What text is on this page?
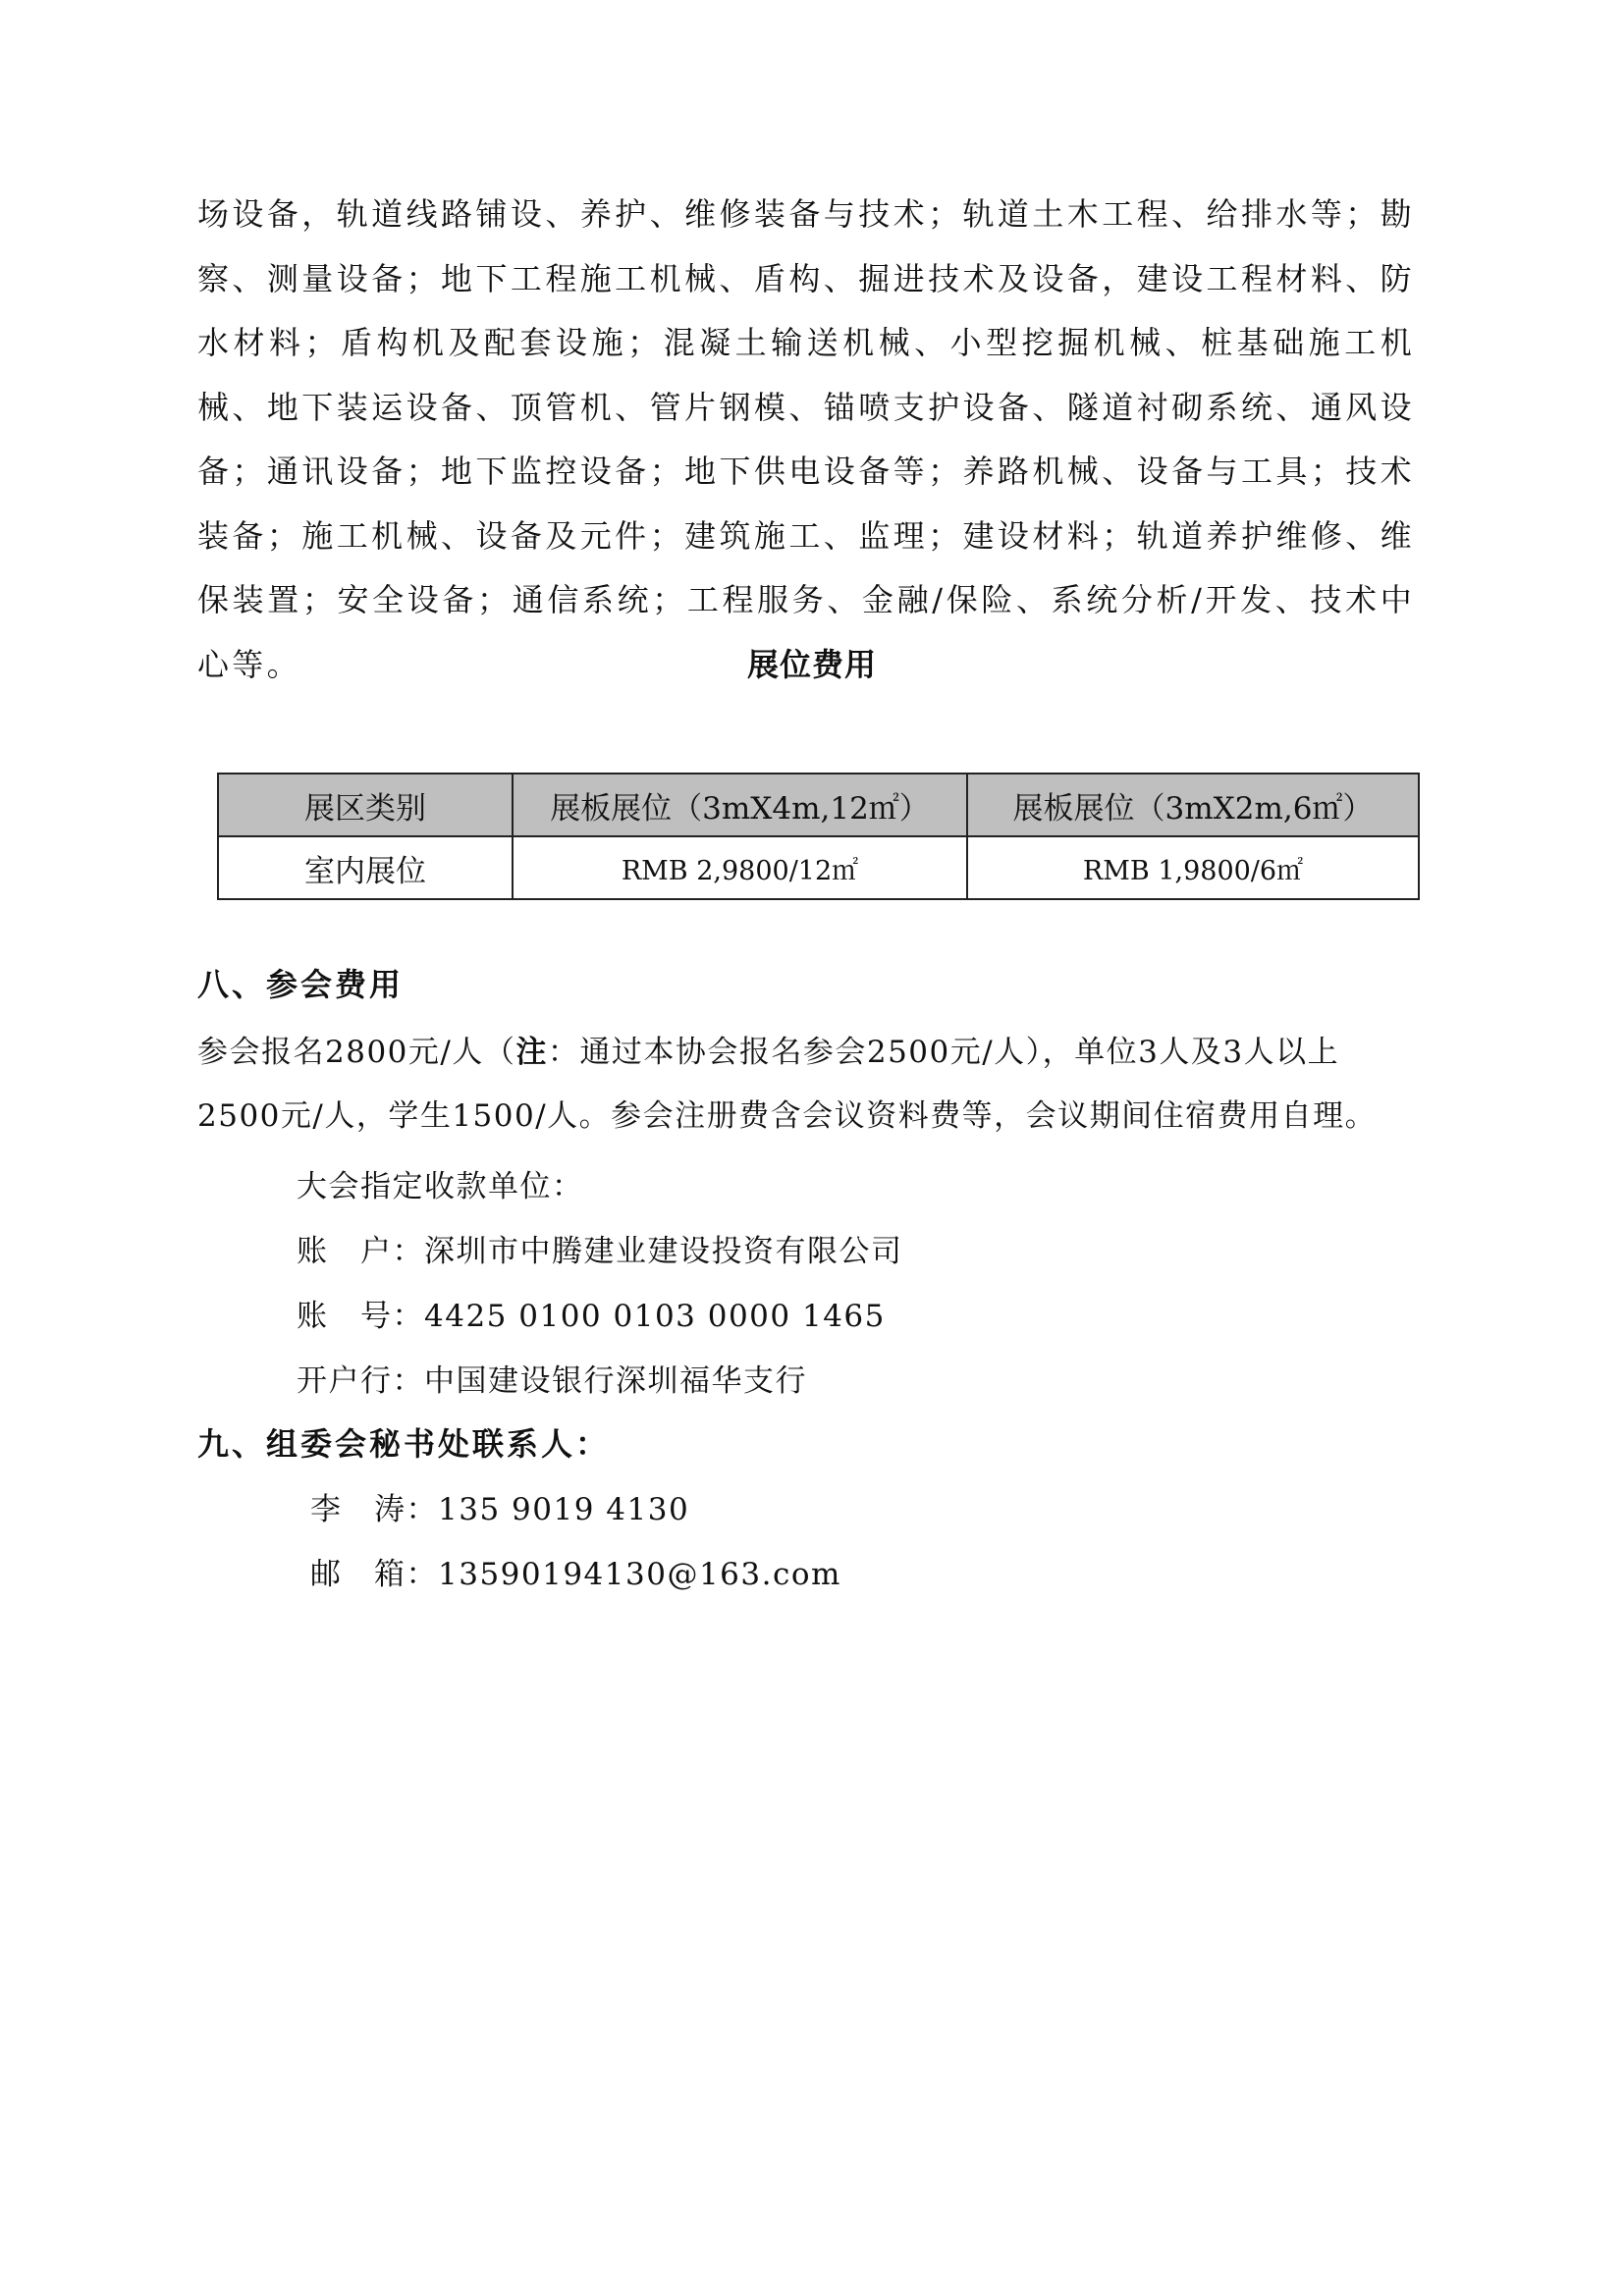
场设备，轨道线路铺设、养护、维修装备与技术；轨道土木工程、给排水等；勘察、测量设备；地下工程施工机械、盾构、掘进技术及设备，建设工程材料、防水材料；盾构机及配套设施；混凝土输送机械、小型挖掘机械、桩基础施工机械、地下装运设备、顶管机、管片钢模、锚喷支护设备、隧道衬砌系统、通风设备；通讯设备；地下监控设备；地下供电设备等；养路机械、设备与工具；技术装备；施工机械、设备及元件；建筑施工、监理；建设材料；轨道养护维修、维保装置；安全设备；通信系统；工程服务、金融/保险、系统分析/开发、技术中心等。	展位费用

展区类别	展板展位（3mX4m,12㎡）	展板展位（3mX2m,6㎡）
室内展位	RMB 2,9800/12㎡	RMB 1,9800/6㎡

八、参会费用

参会报名2800元/人（注：通过本协会报名参会2500元/人），单位3人及3人以上2500元/人，学生1500/人。参会注册费含会议资料费等，会议期间住宿费用自理。

大会指定收款单位：

账　户：深圳市中腾建业建设投资有限公司

账　号：4425 0100 0103 0000 1465

开户行：中国建设银行深圳福华支行

九、组委会秘书处联系人：

李　涛：135 9019 4130

邮　箱：13590194130@163.com
